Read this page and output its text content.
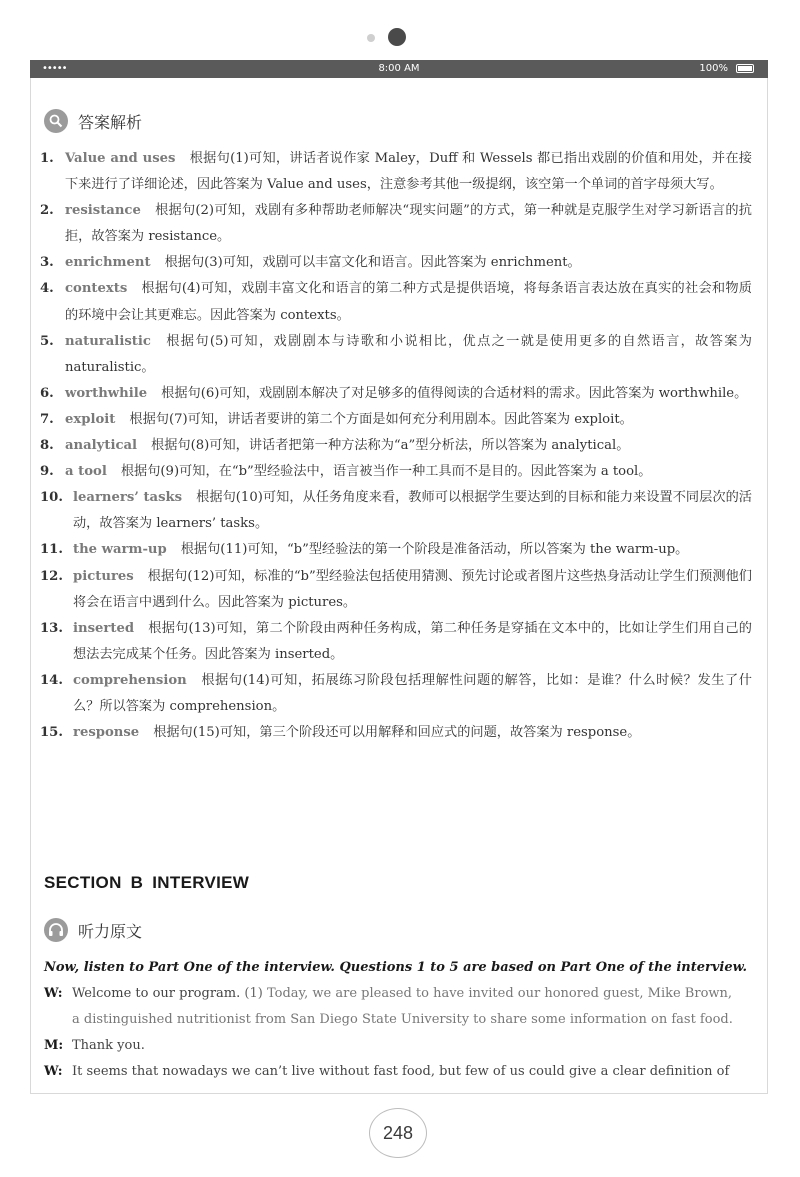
•••••	8:00 AM	100%
答案解析
1. Value and uses 根据句(1)可知，讲话者说作家 Maley，Duff 和 Wessels 都已指出戏剧的价值和用处，并在接下来进行了详细论述，因此答案为 Value and uses，注意参考其他一级提纲，该空第一个单词的首字母须大写。
2. resistance 根据句(2)可知，戏剧有多种帮助老师解决“现实问题”的方式，第一种就是克服学生对学习新语言的抗拒，故答案为 resistance。
3. enrichment 根据句(3)可知，戏剧可以丰富文化和语言。因此答案为 enrichment。
4. contexts 根据句(4)可知，戏剧丰富文化和语言的第二种方式是提供语境，将每条语言表达放在真实的社会和物质的环境中会让其更难忘。因此答案为 contexts。
5. naturalistic 根据句(5)可知，戏剧剧本与诗歌和小说相比，优点之一就是使用更多的自然语言，故答案为 naturalistic。
6. worthwhile 根据句(6)可知，戏剧剧本解决了对足够多的值得阅读的合适材料的需求。因此答案为 worthwhile。
7. exploit 根据句(7)可知，讲话者要讲的第二个方面是如何充分利用剧本。因此答案为 exploit。
8. analytical 根据句(8)可知，讲话者把第一种方法称为“a”型分析法，所以答案为 analytical。
9. a tool 根据句(9)可知，在“b”型经验法中，语言被当作一种工具而不是目的。因此答案为 a tool。
10. learners’ tasks 根据句(10)可知，从任务角度来看，教师可以根据学生要达到的目标和能力来设置不同层次的活动，故答案为 learners’ tasks。
11. the warm-up 根据句(11)可知，“b”型经验法的第一个阶段是准备活动，所以答案为 the warm-up。
12. pictures 根据句(12)可知，标准的“b”型经验法包括使用猜测、预先讨论或者图片这些热身活动让学生们预测他们将会在语言中遇到什么。因此答案为 pictures。
13. inserted 根据句(13)可知，第二个阶段由两种任务构成，第二种任务是穿插在文本中的，比如让学生们用自己的想法去完成某个任务。因此答案为 inserted。
14. comprehension 根据句(14)可知，拓展练习阶段包括理解性问题的解答，比如：是谁？什么时候？发生了什么？所以答案为 comprehension。
15. response 根据句(15)可知，第三个阶段还可以用解释和回应式的问题，故答案为 response。
SECTION B INTERVIEW
听力原文
Now, listen to Part One of the interview. Questions 1 to 5 are based on Part One of the interview.
W: Welcome to our program. (1) Today, we are pleased to have invited our honored guest, Mike Brown,
a distinguished nutritionist from San Diego State University to share some information on fast food.
M: Thank you.
W: It seems that nowadays we can’t live without fast food, but few of us could give a clear definition of
248
